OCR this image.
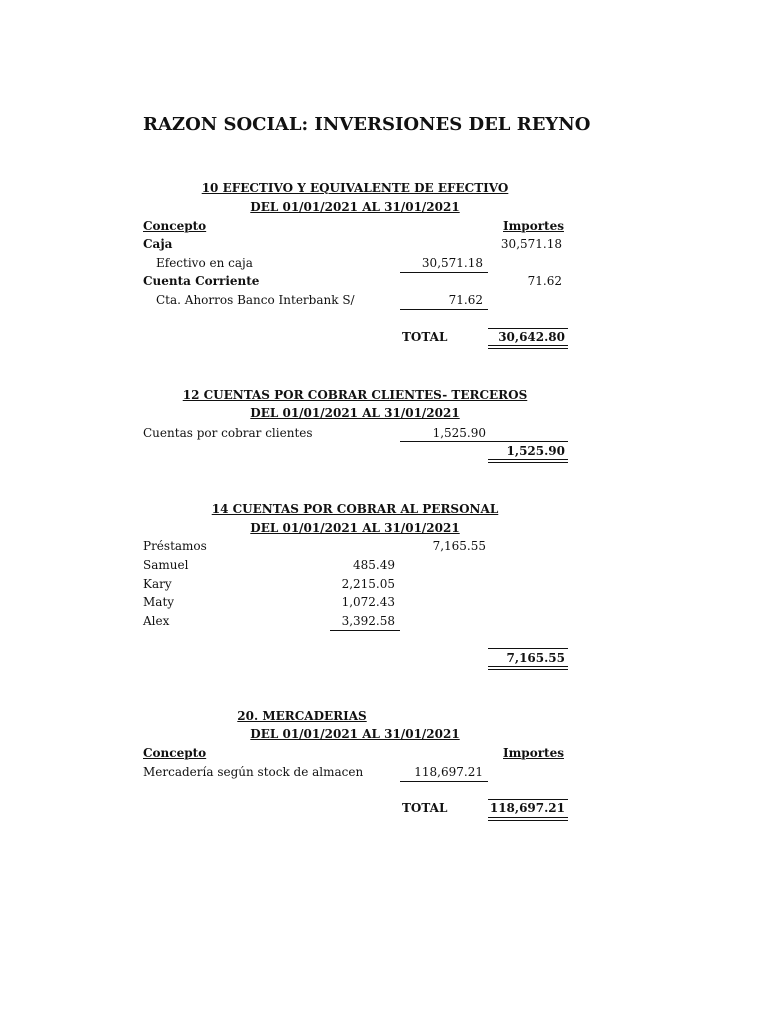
RAZON SOCIAL: INVERSIONES DEL REYNO
10 EFECTIVO Y EQUIVALENTE DE EFECTIVO
DEL 01/01/2021 AL 31/01/2021
Concepto	Importes
Caja	30,571.18
Efectivo en caja	30,571.18
Cuenta Corriente	71.62
Cta. Ahorros Banco Interbank S/	71.62
TOTAL	30,642.80
12 CUENTAS POR COBRAR CLIENTES- TERCEROS
DEL 01/01/2021 AL 31/01/2021
Cuentas por cobrar clientes	1,525.90
1,525.90
14 CUENTAS POR COBRAR AL PERSONAL
DEL 01/01/2021 AL 31/01/2021
Préstamos	7,165.55
Samuel	485.49
Kary	2,215.05
Maty	1,072.43
Alex	3,392.58
7,165.55
20. MERCADERIAS
DEL 01/01/2021 AL 31/01/2021
Concepto	Importes
Mercadería según stock de almacen	118,697.21
TOTAL	118,697.21
